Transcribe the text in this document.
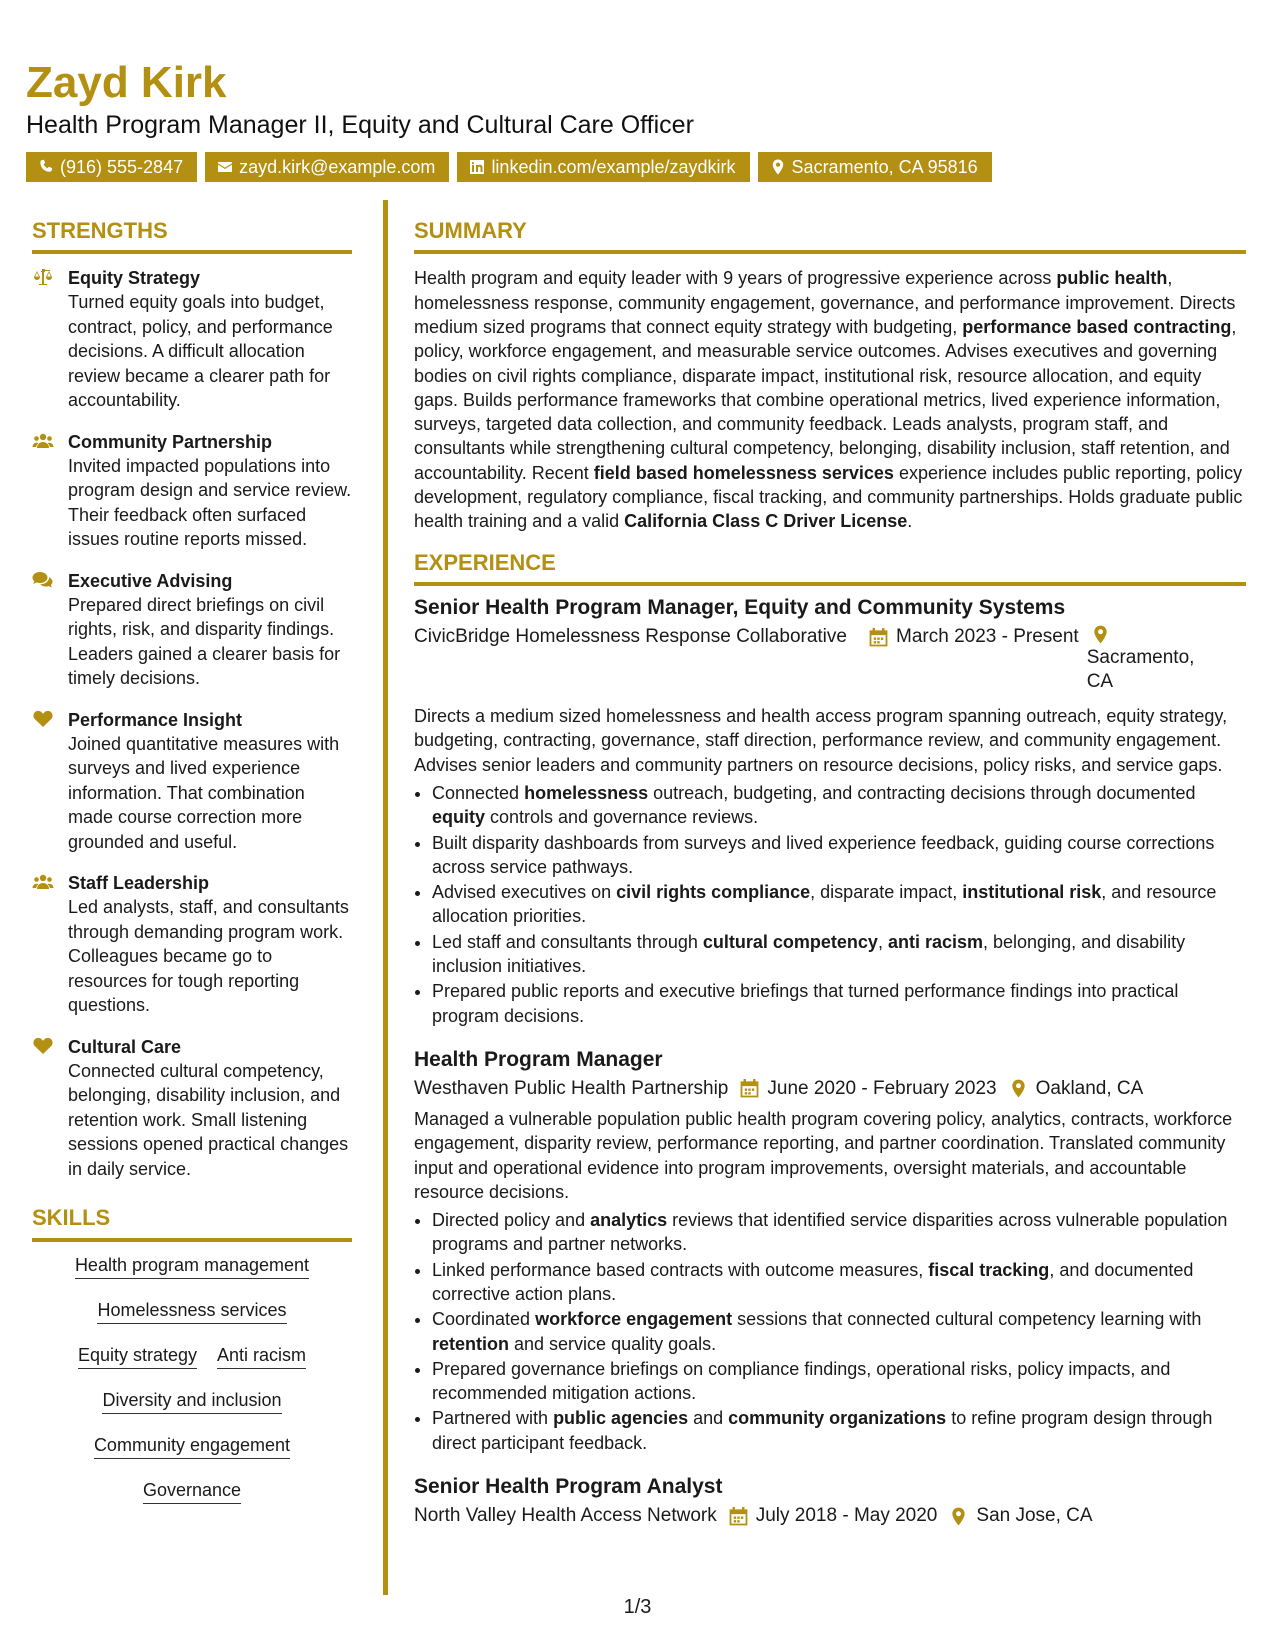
Zayd Kirk

Health Program Manager II, Equity and Cultural Care Officer

(916) 555-2847	zayd.kirk@example.com	linkedin.com/example/zaydkirk	Sacramento, CA 95816
STRENGTHS
Equity Strategy
Turned equity goals into budget, contract, policy, and performance decisions. A difficult allocation review became a clearer path for accountability.
Community Partnership
Invited impacted populations into program design and service review. Their feedback often surfaced issues routine reports missed.
Executive Advising
Prepared direct briefings on civil rights, risk, and disparity findings. Leaders gained a clearer basis for timely decisions.
Performance Insight
Joined quantitative measures with surveys and lived experience information. That combination made course correction more grounded and useful.
Staff Leadership
Led analysts, staff, and consultants through demanding program work. Colleagues became go to resources for tough reporting questions.
Cultural Care
Connected cultural competency, belonging, disability inclusion, and retention work. Small listening sessions opened practical changes in daily service.
SKILLS
Health program management
Homelessness services
Equity strategy Anti racism
Diversity and inclusion
Community engagement
Governance
SUMMARY

Health program and equity leader with 9 years of progressive experience across public health, homelessness response, community engagement, governance, and performance improvement. Directs medium sized programs that connect equity strategy with budgeting, performance based contracting, policy, workforce engagement, and measurable service outcomes. Advises executives and governing bodies on civil rights compliance, disparate impact, institutional risk, resource allocation, and equity gaps. Builds performance frameworks that combine operational metrics, lived experience information, surveys, targeted data collection, and community feedback. Leads analysts, program staff, and consultants while strengthening cultural competency, belonging, disability inclusion, staff retention, and accountability. Recent field based homelessness services experience includes public reporting, policy development, regulatory compliance, fiscal tracking, and community partnerships. Holds graduate public health training and a valid California Class C Driver License.

EXPERIENCE
Senior Health Program Manager, Equity and Community Systems
CivicBridge Homelessness Response Collaborative	March 2023 - Present
Sacramento, CA

Directs a medium sized homelessness and health access program spanning outreach, equity strategy, budgeting, contracting, governance, staff direction, performance review, and community engagement. Advises senior leaders and community partners on resource decisions, policy risks, and service gaps.

• Connected homelessness outreach, budgeting, and contracting decisions through documented equity controls and governance reviews.
• Built disparity dashboards from surveys and lived experience feedback, guiding course corrections across service pathways.
• Advised executives on civil rights compliance, disparate impact, institutional risk, and resource allocation priorities.
• Led staff and consultants through cultural competency, anti racism, belonging, and disability inclusion initiatives.
• Prepared public reports and executive briefings that turned performance findings into practical program decisions.
Health Program Manager
Westhaven Public Health Partnership June 2020 - February 2023 Oakland, CA

Managed a vulnerable population public health program covering policy, analytics, contracts, workforce engagement, disparity review, performance reporting, and partner coordination. Translated community input and operational evidence into program improvements, oversight materials, and accountable resource decisions.

• Directed policy and analytics reviews that identified service disparities across vulnerable population programs and partner networks.
• Linked performance based contracts with outcome measures, fiscal tracking, and documented corrective action plans.
• Coordinated workforce engagement sessions that connected cultural competency learning with retention and service quality goals.
• Prepared governance briefings on compliance findings, operational risks, policy impacts, and recommended mitigation actions.
• Partnered with public agencies and community organizations to refine program design through direct participant feedback.
Senior Health Program Analyst
North Valley Health Access Network July 2018 - May 2020 San Jose, CA
1/3
